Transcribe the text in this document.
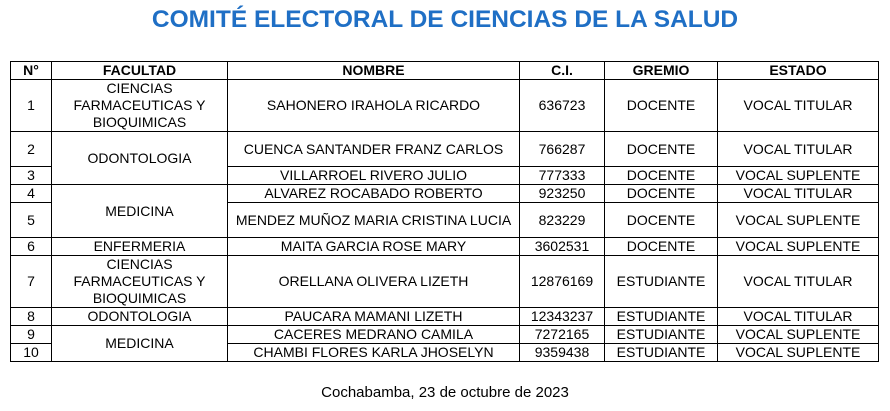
COMITÉ ELECTORAL DE CIENCIAS DE LA SALUD
N°	FACULTAD	NOMBRE	C.I.	GREMIO	ESTADO
1	CIENCIAS FARMACEUTICAS Y BIOQUIMICAS	SAHONERO IRAHOLA RICARDO	636723	DOCENTE	VOCAL TITULAR
2	ODONTOLOGIA	CUENCA SANTANDER FRANZ CARLOS	766287	DOCENTE	VOCAL TITULAR
3		VILLARROEL RIVERO JULIO	777333	DOCENTE	VOCAL SUPLENTE
4	MEDICINA	ALVAREZ ROCABADO ROBERTO	923250	DOCENTE	VOCAL TITULAR
5		MENDEZ MUÑOZ MARIA CRISTINA LUCIA	823229	DOCENTE	VOCAL SUPLENTE
6	ENFERMERIA	MAITA GARCIA ROSE MARY	3602531	DOCENTE	VOCAL SUPLENTE
7	CIENCIAS FARMACEUTICAS Y BIOQUIMICAS	ORELLANA OLIVERA LIZETH	12876169	ESTUDIANTE	VOCAL TITULAR
8	ODONTOLOGIA	PAUCARA MAMANI LIZETH	12343237	ESTUDIANTE	VOCAL TITULAR
9	MEDICINA	CACERES MEDRANO CAMILA	7272165	ESTUDIANTE	VOCAL SUPLENTE
10		CHAMBI FLORES KARLA JHOSELYN	9359438	ESTUDIANTE	VOCAL SUPLENTE
Cochabamba, 23 de octubre de 2023
